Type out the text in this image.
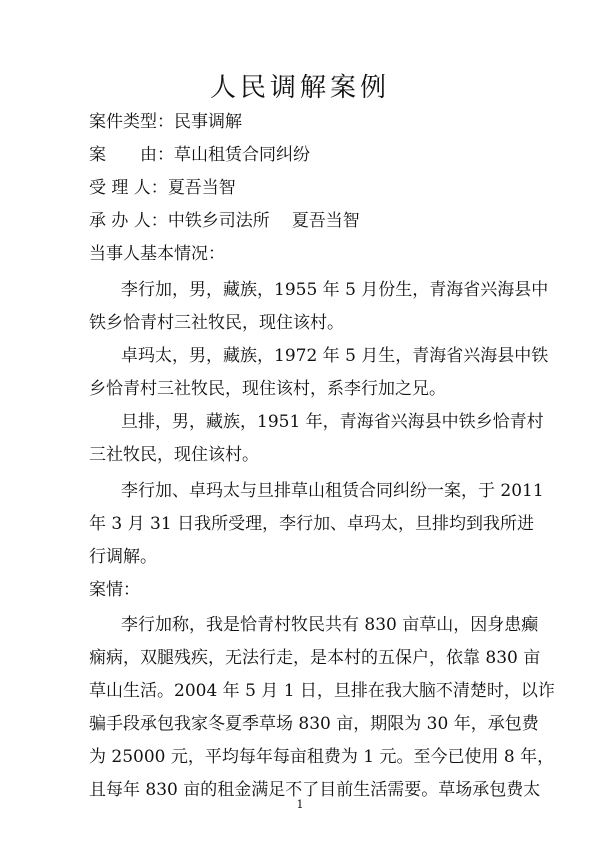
人民调解案例
案件类型：民事调解
案　　由：草山租赁合同纠纷
受 理 人：夏吾当智
承 办 人：中铁乡司法所 夏吾当智
当事人基本情况：
李行加，男，藏族，1955 年 5 月份生，青海省兴海县中
铁乡恰青村三社牧民，现住该村。
卓玛太，男，藏族，1972 年 5 月生，青海省兴海县中铁
乡恰青村三社牧民，现住该村，系李行加之兄。
旦排，男，藏族，1951 年，青海省兴海县中铁乡恰青村
三社牧民，现住该村。
李行加、卓玛太与旦排草山租赁合同纠纷一案，于 2011
年 3 月 31 日我所受理，李行加、卓玛太，旦排均到我所进
行调解。
案情：
李行加称，我是恰青村牧民共有 830 亩草山，因身患癫
痫病，双腿残疾，无法行走，是本村的五保户，依靠 830 亩
草山生活。2004 年 5 月 1 日，旦排在我大脑不清楚时，以诈
骗手段承包我家冬夏季草场 830 亩，期限为 30 年，承包费
为 25000 元，平均每年每亩租费为 1 元。至今已使用 8 年，
且每年 830 亩的租金满足不了目前生活需要。草场承包费太
1
